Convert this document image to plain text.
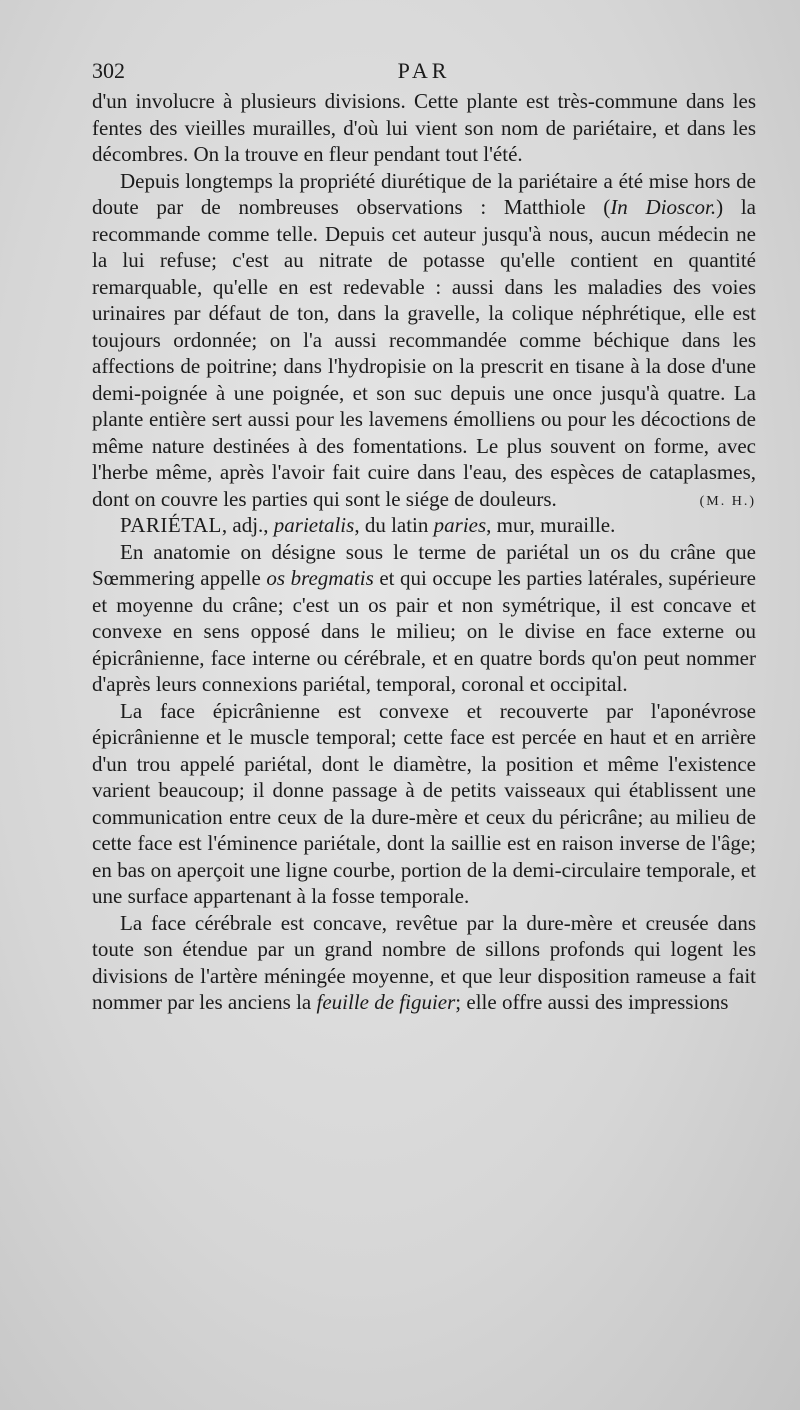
302	PAR

d'un involucre à plusieurs divisions. Cette plante est très-commune dans les fentes des vieilles murailles, d'où lui vient son nom de pariétaire, et dans les décombres. On la trouve en fleur pendant tout l'été.

Depuis longtemps la propriété diurétique de la pariétaire a été mise hors de doute par de nombreuses observations : Matthiole (In Dioscor.) la recommande comme telle. Depuis cet auteur jusqu'à nous, aucun médecin ne la lui refuse; c'est au nitrate de potasse qu'elle contient en quantité remarquable, qu'elle en est redevable : aussi dans les maladies des voies urinaires par défaut de ton, dans la gravelle, la colique néphrétique, elle est toujours ordonnée; on l'a aussi recommandée comme béchique dans les affections de poitrine; dans l'hydropisie on la prescrit en tisane à la dose d'une demi-poignée à une poignée, et son suc depuis une once jusqu'à quatre. La plante entière sert aussi pour les lavemens émolliens ou pour les décoctions de même nature destinées à des fomentations. Le plus souvent on forme, avec l'herbe même, après l'avoir fait cuire dans l'eau, des espèces de cataplasmes, dont on couvre les parties qui sont le siége de douleurs.	(M. H.)

PARIÉTAL, adj., parietalis, du latin paries, mur, muraille.

En anatomie on désigne sous le terme de pariétal un os du crâne que Sœmmering appelle os bregmatis et qui occupe les parties latérales, supérieure et moyenne du crâne; c'est un os pair et non symétrique, il est concave et convexe en sens opposé dans le milieu; on le divise en face externe ou épicrânienne, face interne ou cérébrale, et en quatre bords qu'on peut nommer d'après leurs connexions pariétal, temporal, coronal et occipital.

La face épicrânienne est convexe et recouverte par l'aponévrose épicrânienne et le muscle temporal; cette face est percée en haut et en arrière d'un trou appelé pariétal, dont le diamètre, la position et même l'existence varient beaucoup; il donne passage à de petits vaisseaux qui établissent une communication entre ceux de la dure-mère et ceux du péricrâne; au milieu de cette face est l'éminence pariétale, dont la saillie est en raison inverse de l'âge; en bas on aperçoit une ligne courbe, portion de la demi-circulaire temporale, et une surface appartenant à la fosse temporale.

La face cérébrale est concave, revêtue par la dure-mère et creusée dans toute son étendue par un grand nombre de sillons profonds qui logent les divisions de l'artère méningée moyenne, et que leur disposition rameuse a fait nommer par les anciens la feuille de figuier; elle offre aussi des impressions
